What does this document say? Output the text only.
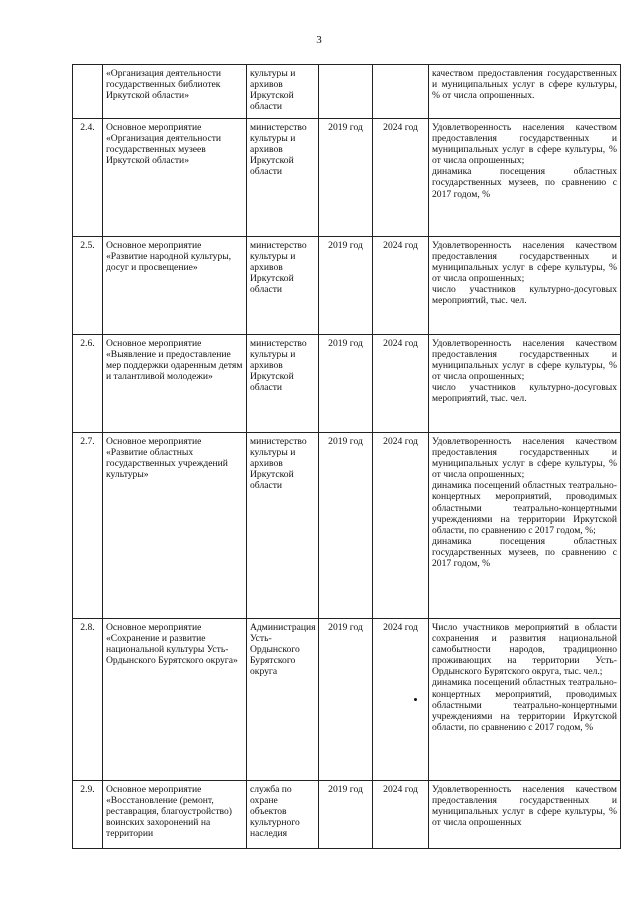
3
	«Организация деятельности государственных библиотек Иркутской области»	культуры и архивов Иркутской области			качеством предоставления государственных и муниципальных услуг в сфере культуры, % от числа опрошенных.

2.4.	Основное мероприятие «Организация деятельности государственных музеев Иркутской области»	министерство культуры и архивов Иркутской области	2019 год	2024 год	Удовлетворенность населения качеством предоставления государственных и муниципальных услуг в сфере культуры, % от числа опрошенных;
динамика посещения областных государственных музеев, по сравнению с 2017 годом, %

2.5.	Основное мероприятие «Развитие народной культуры, досуг и просвещение»	министерство культуры и архивов Иркутской области	2019 год	2024 год	Удовлетворенность населения качеством предоставления государственных и муниципальных услуг в сфере культуры, % от числа опрошенных;
число участников культурно-досуговых мероприятий, тыс. чел.

2.6.	Основное мероприятие «Выявление и предоставление мер поддержки одаренным детям и талантливой молодежи»	министерство культуры и архивов Иркутской области	2019 год	2024 год	Удовлетворенность населения качеством предоставления государственных и муниципальных услуг в сфере культуры, % от числа опрошенных;
число участников культурно-досуговых мероприятий, тыс. чел.

2.7.	Основное мероприятие «Развитие областных государственных учреждений культуры»	министерство культуры и архивов Иркутской области	2019 год	2024 год	Удовлетворенность населения качеством предоставления государственных и муниципальных услуг в сфере культуры, % от числа опрошенных;
динамика посещений областных театрально-концертных мероприятий, проводимых областными театрально-концертными учреждениями на территории Иркутской области, по сравнению с 2017 годом, %;
динамика посещения областных государственных музеев, по сравнению с 2017 годом, %

2.8.	Основное мероприятие «Сохранение и развитие национальной культуры Усть-Ордынского Бурятского округа»	Администрация Усть-Ордынского Бурятского округа	2019 год	2024 год	Число участников мероприятий в области сохранения и развития национальной самобытности народов, традиционно проживающих на территории Усть-Ордынского Бурятского округа, тыс. чел.;
динамика посещений областных театрально-концертных мероприятий, проводимых областными театрально-концертными учреждениями на территории Иркутской области, по сравнению с 2017 годом, %

2.9.	Основное мероприятие «Восстановление (ремонт, реставрация, благоустройство) воинских захоронений на территории	служба по охране объектов культурного наследия	2019 год	2024 год	Удовлетворенность населения качеством предоставления государственных и муниципальных услуг в сфере культуры, % от числа опрошенных
